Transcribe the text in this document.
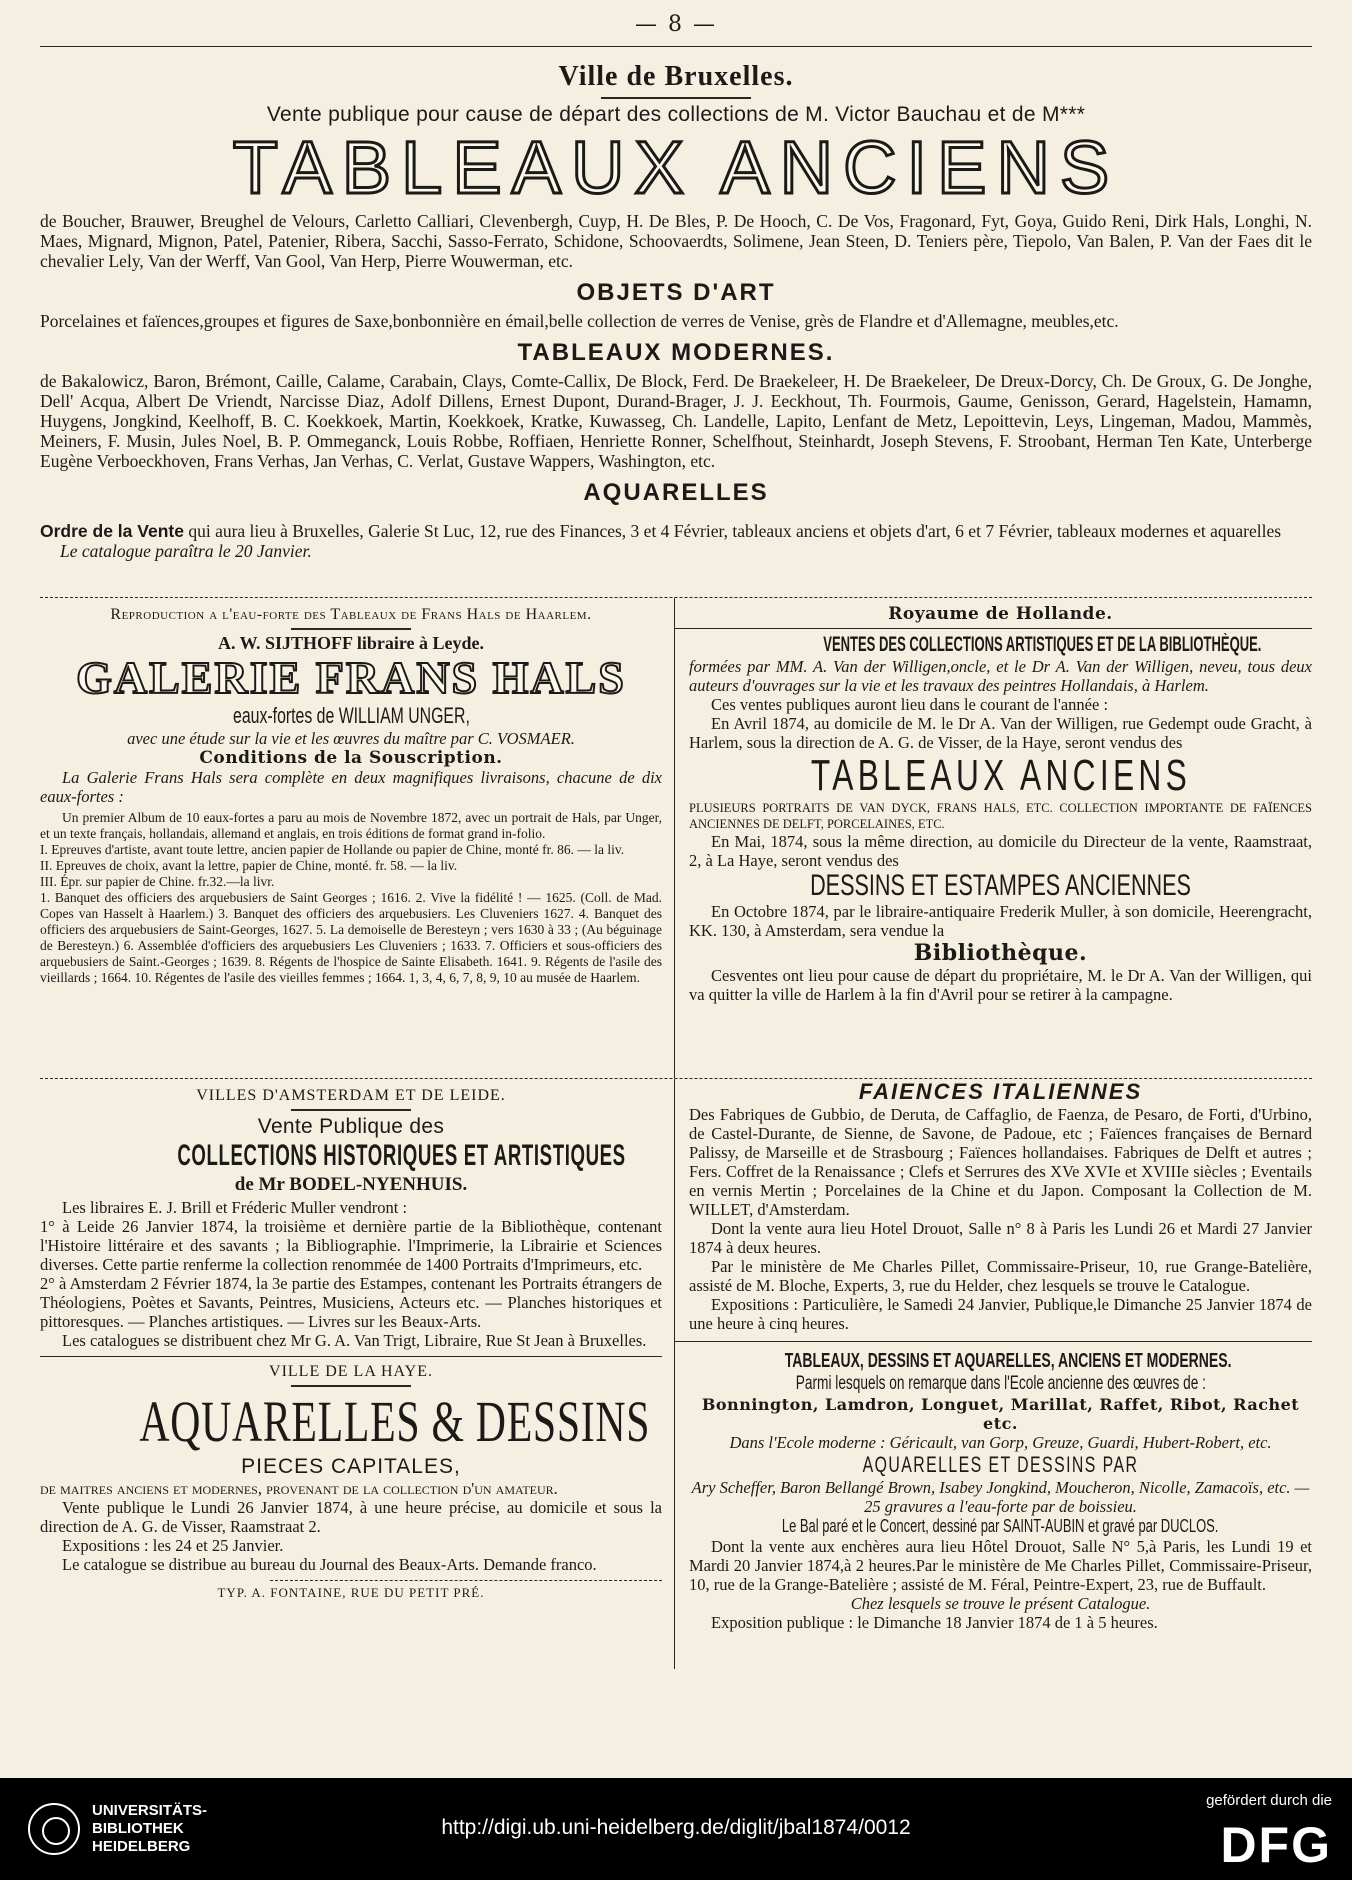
— 8 —
Ville de Bruxelles.
Vente publique pour cause de départ des collections de M. Victor Bauchau et de M***
TABLEAUX ANCIENS
de Boucher, Brauwer, Breughel de Velours, Carletto Calliari, Clevenbergh, Cuyp, H. De Bles, P. De Hooch, C. De Vos, Fragonard, Fyt, Goya, Guido Reni, Dirk Hals, Longhi, N. Maes, Mignard, Mignon, Patel, Patenier, Ribera, Sacchi, Sasso-Ferrato, Schidone, Schoovaerdts, Solimene, Jean Steen, D. Teniers père, Tiepolo, Van Balen, P. Van der Faes dit le chevalier Lely, Van der Werff, Van Gool, Van Herp, Pierre Wouwerman, etc.
OBJETS D'ART
Porcelaines et faïences,groupes et figures de Saxe,bonbonnière en émail,belle collection de verres de Venise, grès de Flandre et d'Allemagne, meubles,etc.
TABLEAUX MODERNES.
de Bakalowicz, Baron, Brémont, Caille, Calame, Carabain, Clays, Comte-Callix, De Block, Ferd. De Braekeleer, H. De Braekeleer, De Dreux-Dorcy, Ch. De Groux, G. De Jonghe, Dell' Acqua, Albert De Vriendt, Narcisse Diaz, Adolf Dillens, Ernest Dupont, Durand-Brager, J. J. Eeckhout, Th. Fourmois, Gaume, Genisson, Gerard, Hagelstein, Hamamn, Huygens, Jongkind, Keelhoff, B. C. Koekkoek, Martin, Koekkoek, Kratke, Kuwasseg, Ch. Landelle, Lapito, Lenfant de Metz, Lepoittevin, Leys, Lingeman, Madou, Mammès, Meiners, F. Musin, Jules Noel, B. P. Ommeganck, Louis Robbe, Roffiaen, Henriette Ronner, Schelfhout, Steinhardt, Joseph Stevens, F. Stroobant, Herman Ten Kate, Unterberge Eugène Verboeckhoven, Frans Verhas, Jan Verhas, C. Verlat, Gustave Wappers, Washington, etc.
AQUARELLES
Ordre de la Vente qui aura lieu à Bruxelles, Galerie St Luc, 12, rue des Finances, 3 et 4 Février, tableaux anciens et objets d'art, 6 et 7 Février, tableaux modernes et aquarelles
Le catalogue paraîtra le 20 Janvier.
Reproduction a l'eau-forte des Tableaux de Frans Hals de Haarlem.
A. W. SIJTHOFF libraire à Leyde.
GALERIE FRANS HALS
eaux-fortes de WILLIAM UNGER,
avec une étude sur la vie et les œuvres du maître par C. VOSMAER.
Conditions de la Souscription.
La Galerie Frans Hals sera complète en deux magnifiques livraisons, chacune de dix eaux-fortes :
Un premier Album de 10 eaux-fortes a paru au mois de Novembre 1872, avec un portrait de Hals, par Unger, et un texte français, hollandais, allemand et anglais, en trois éditions de format grand in-folio.
I. Epreuves d'artiste, avant toute lettre, ancien papier de Hollande ou papier de Chine, monté fr. 86. — la liv.
II. Epreuves de choix, avant la lettre, papier de Chine, monté. fr. 58. — la liv.
III. Épr. sur papier de Chine. fr.32.—la livr.
1. Banquet des officiers des arquebusiers de Saint Georges ; 1616. 2. Vive la fidélité ! — 1625. (Coll. de Mad. Copes van Hasselt à Haarlem.) 3. Banquet des officiers des arquebusiers. Les Cluveniers 1627. 4. Banquet des officiers des arquebusiers de Saint-Georges, 1627. 5. La demoiselle de Beresteyn ; vers 1630 à 33 ; (Au béguinage de Beresteyn.) 6. Assemblée d'officiers des arquebusiers Les Cluveniers ; 1633. 7. Officiers et sous-officiers des arquebusiers de Saint.-Georges ; 1639. 8. Régents de l'hospice de Sainte Elisabeth. 1641. 9. Régents de l'asile des vieillards ; 1664. 10. Régentes de l'asile des vieilles femmes ; 1664. 1, 3, 4, 6, 7, 8, 9, 10 au musée de Haarlem.
Royaume de Hollande.
VENTES DES COLLECTIONS ARTISTIQUES ET DE LA BIBLIOTHÈQUE.
formées par MM. A. Van der Willigen,oncle, et le Dr A. Van der Willigen, neveu, tous deux auteurs d'ouvrages sur la vie et les travaux des peintres Hollandais, à Harlem.
Ces ventes publiques auront lieu dans le courant de l'année :
En Avril 1874, au domicile de M. le Dr A. Van der Willigen, rue Gedempt oude Gracht, à Harlem, sous la direction de A. G. de Visser, de la Haye, seront vendus des
TABLEAUX ANCIENS
PLUSIEURS PORTRAITS DE VAN DYCK, FRANS HALS, ETC. COLLECTION IMPORTANTE DE FAÏENCES ANCIENNES DE DELFT, PORCELAINES, ETC.
En Mai, 1874, sous la même direction, au domicile du Directeur de la vente, Raamstraat, 2, à La Haye, seront vendus des
DESSINS ET ESTAMPES ANCIENNES
En Octobre 1874, par le libraire-antiquaire Frederik Muller, à son domicile, Heerengracht, KK. 130, à Amsterdam, sera vendue la
Bibliothèque.
Cesventes ont lieu pour cause de départ du propriétaire, M. le Dr A. Van der Willigen, qui va quitter la ville de Harlem à la fin d'Avril pour se retirer à la campagne.
VILLES D'AMSTERDAM ET DE LEIDE.
Vente Publique des
COLLECTIONS HISTORIQUES ET ARTISTIQUES
de Mr BODEL-NYENHUIS.
Les libraires E. J. Brill et Fréderic Muller vendront :
1° à Leide 26 Janvier 1874, la troisième et dernière partie de la Bibliothèque, contenant l'Histoire littéraire et des savants ; la Bibliographie. l'Imprimerie, la Librairie et Sciences diverses. Cette partie renferme la collection renommée de 1400 Portraits d'Imprimeurs, etc.
2° à Amsterdam 2 Février 1874, la 3e partie des Estampes, contenant les Portraits étrangers de Théologiens, Poètes et Savants, Peintres, Musiciens, Acteurs etc. — Planches historiques et pittoresques. — Planches artistiques. — Livres sur les Beaux-Arts.
Les catalogues se distribuent chez Mr G. A. Van Trigt, Libraire, Rue St Jean à Bruxelles.
VILLE DE LA HAYE.
AQUARELLES & DESSINS
PIECES CAPITALES,
de maitres anciens et modernes, provenant de la collection d'un amateur.
Vente publique le Lundi 26 Janvier 1874, à une heure précise, au domicile et sous la direction de A. G. de Visser, Raamstraat 2.
Expositions : les 24 et 25 Janvier.
Le catalogue se distribue au bureau du Journal des Beaux-Arts. Demande franco.
TYP. A. FONTAINE, RUE DU PETIT PRÉ.
FAIENCES ITALIENNES
Des Fabriques de Gubbio, de Deruta, de Caffaglio, de Faenza, de Pesaro, de Forti, d'Urbino, de Castel-Durante, de Sienne, de Savone, de Padoue, etc ; Faïences françaises de Bernard Palissy, de Marseille et de Strasbourg ; Faïences hollandaises. Fabriques de Delft et autres ; Fers. Coffret de la Renaissance ; Clefs et Serrures des XVe XVIe et XVIIIe siècles ; Eventails en vernis Mertin ; Porcelaines de la Chine et du Japon. Composant la Collection de M. WILLET, d'Amsterdam.
Dont la vente aura lieu Hotel Drouot, Salle n° 8 à Paris les Lundi 26 et Mardi 27 Janvier 1874 à deux heures.
Par le ministère de Me Charles Pillet, Commissaire-Priseur, 10, rue Grange-Batelière, assisté de M. Bloche, Experts, 3, rue du Helder, chez lesquels se trouve le Catalogue.
Expositions : Particulière, le Samedi 24 Janvier, Publique,le Dimanche 25 Janvier 1874 de une heure à cinq heures.
TABLEAUX, DESSINS ET AQUARELLES, ANCIENS ET MODERNES.
Parmi lesquels on remarque dans l'Ecole ancienne des œuvres de :
Bonnington, Lamdron, Longuet, Marillat, Raffet, Ribot, Rachet etc.
Dans l'Ecole moderne : Géricault, van Gorp, Greuze, Guardi, Hubert-Robert, etc.
AQUARELLES ET DESSINS PAR
Ary Scheffer, Baron Bellangé Brown, Isabey Jongkind, Moucheron, Nicolle, Zamacoïs, etc. — 25 gravures a l'eau-forte par de boissieu.
Le Bal paré et le Concert, dessiné par SAINT-AUBIN et gravé par DUCLOS.
Dont la vente aux enchères aura lieu Hôtel Drouot, Salle N° 5,à Paris, les Lundi 19 et Mardi 20 Janvier 1874,à 2 heures.Par le ministère de Me Charles Pillet, Commissaire-Priseur, 10, rue de la Grange-Batelière ; assisté de M. Féral, Peintre-Expert, 23, rue de Buffault.
Chez lesquels se trouve le présent Catalogue.
Exposition publique : le Dimanche 18 Janvier 1874 de 1 à 5 heures.
UNIVERSITÄTS-
BIBLIOTHEK
HEIDELBERG
http://digi.ub.uni-heidelberg.de/diglit/jbal1874/0012
gefördert durch die
DFG
